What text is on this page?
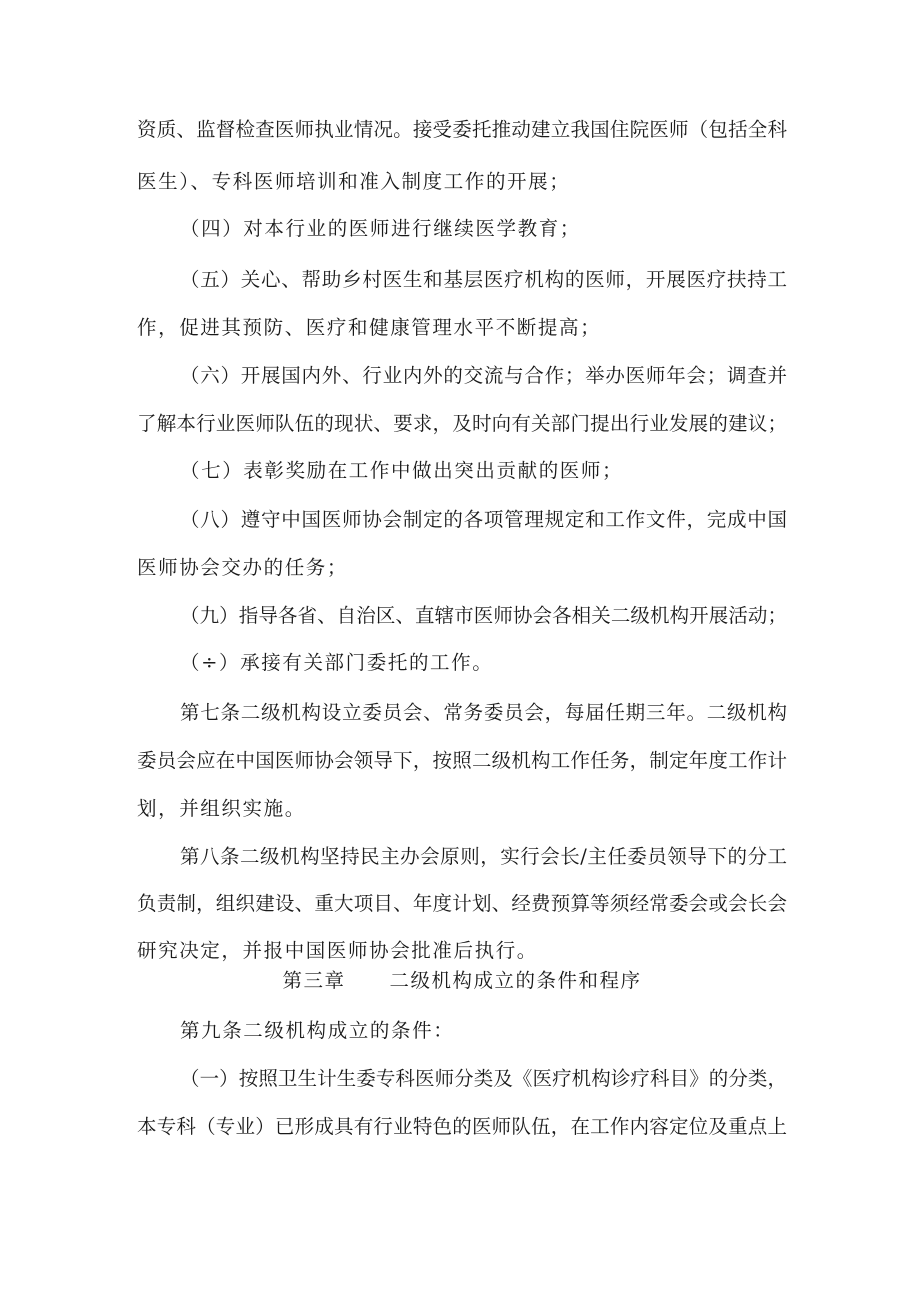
资质、监督检查医师执业情况。接受委托推动建立我国住院医师（包括全科
医生）、专科医师培训和准入制度工作的开展；
（四）对本行业的医师进行继续医学教育；
（五）关心、帮助乡村医生和基层医疗机构的医师，开展医疗扶持工
作，促进其预防、医疗和健康管理水平不断提高；
（六）开展国内外、行业内外的交流与合作；举办医师年会；调查并
了解本行业医师队伍的现状、要求，及时向有关部门提出行业发展的建议；
（七）表彰奖励在工作中做出突出贡献的医师；
（八）遵守中国医师协会制定的各项管理规定和工作文件，完成中国
医师协会交办的任务；
（九）指导各省、自治区、直辖市医师协会各相关二级机构开展活动；
（÷）承接有关部门委托的工作。
第七条二级机构设立委员会、常务委员会，每届任期三年。二级机构
委员会应在中国医师协会领导下，按照二级机构工作任务，制定年度工作计
划，并组织实施。
第八条二级机构坚持民主办会原则，实行会长/主任委员领导下的分工
负责制，组织建设、重大项目、年度计划、经费预算等须经常委会或会长会
研究决定，并报中国医师协会批准后执行。
第三章 二级机构成立的条件和程序
第九条二级机构成立的条件：
（一）按照卫生计生委专科医师分类及《医疗机构诊疗科目》的分类，
本专科（专业）已形成具有行业特色的医师队伍，在工作内容定位及重点上
